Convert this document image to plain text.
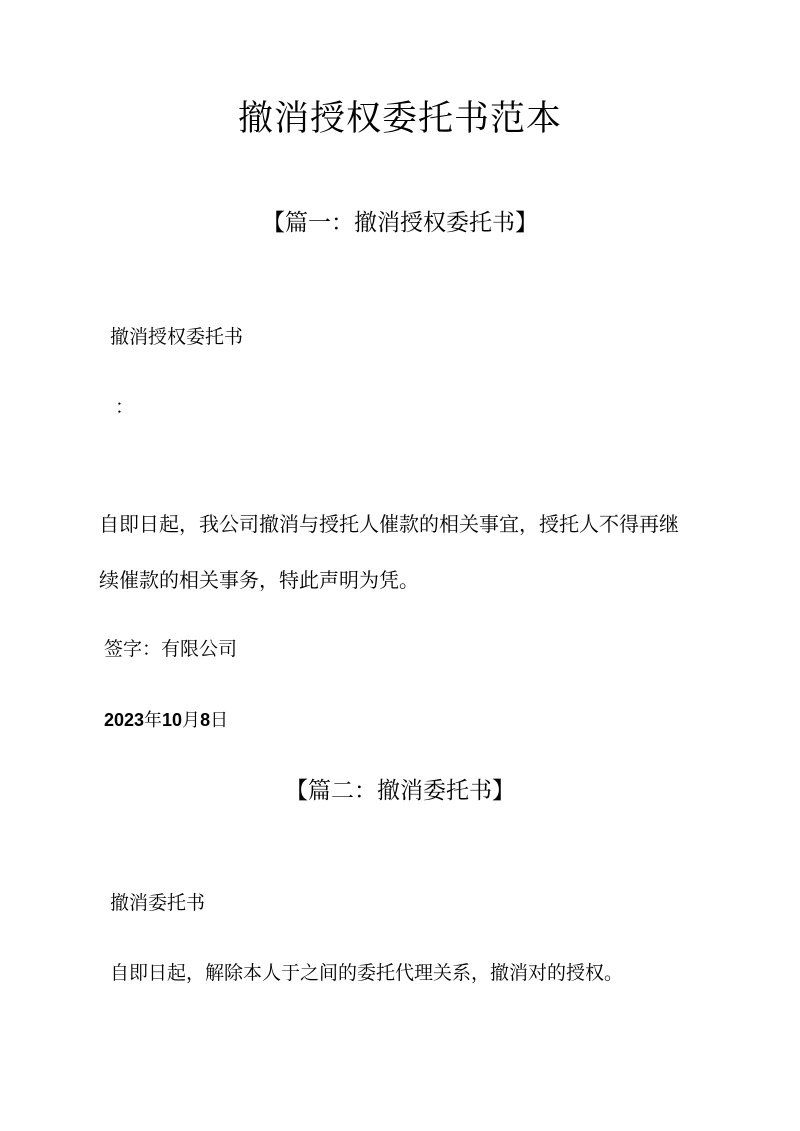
撤消授权委托书范本
【篇一：撤消授权委托书】
撤消授权委托书
：
自即日起，我公司撤消与授托人催款的相关事宜，授托人不得再继
续催款的相关事务，特此声明为凭。
签字：有限公司
2023年10月8日
【篇二：撤消委托书】
撤消委托书
自即日起，解除本人于之间的委托代理关系，撤消对的授权。
